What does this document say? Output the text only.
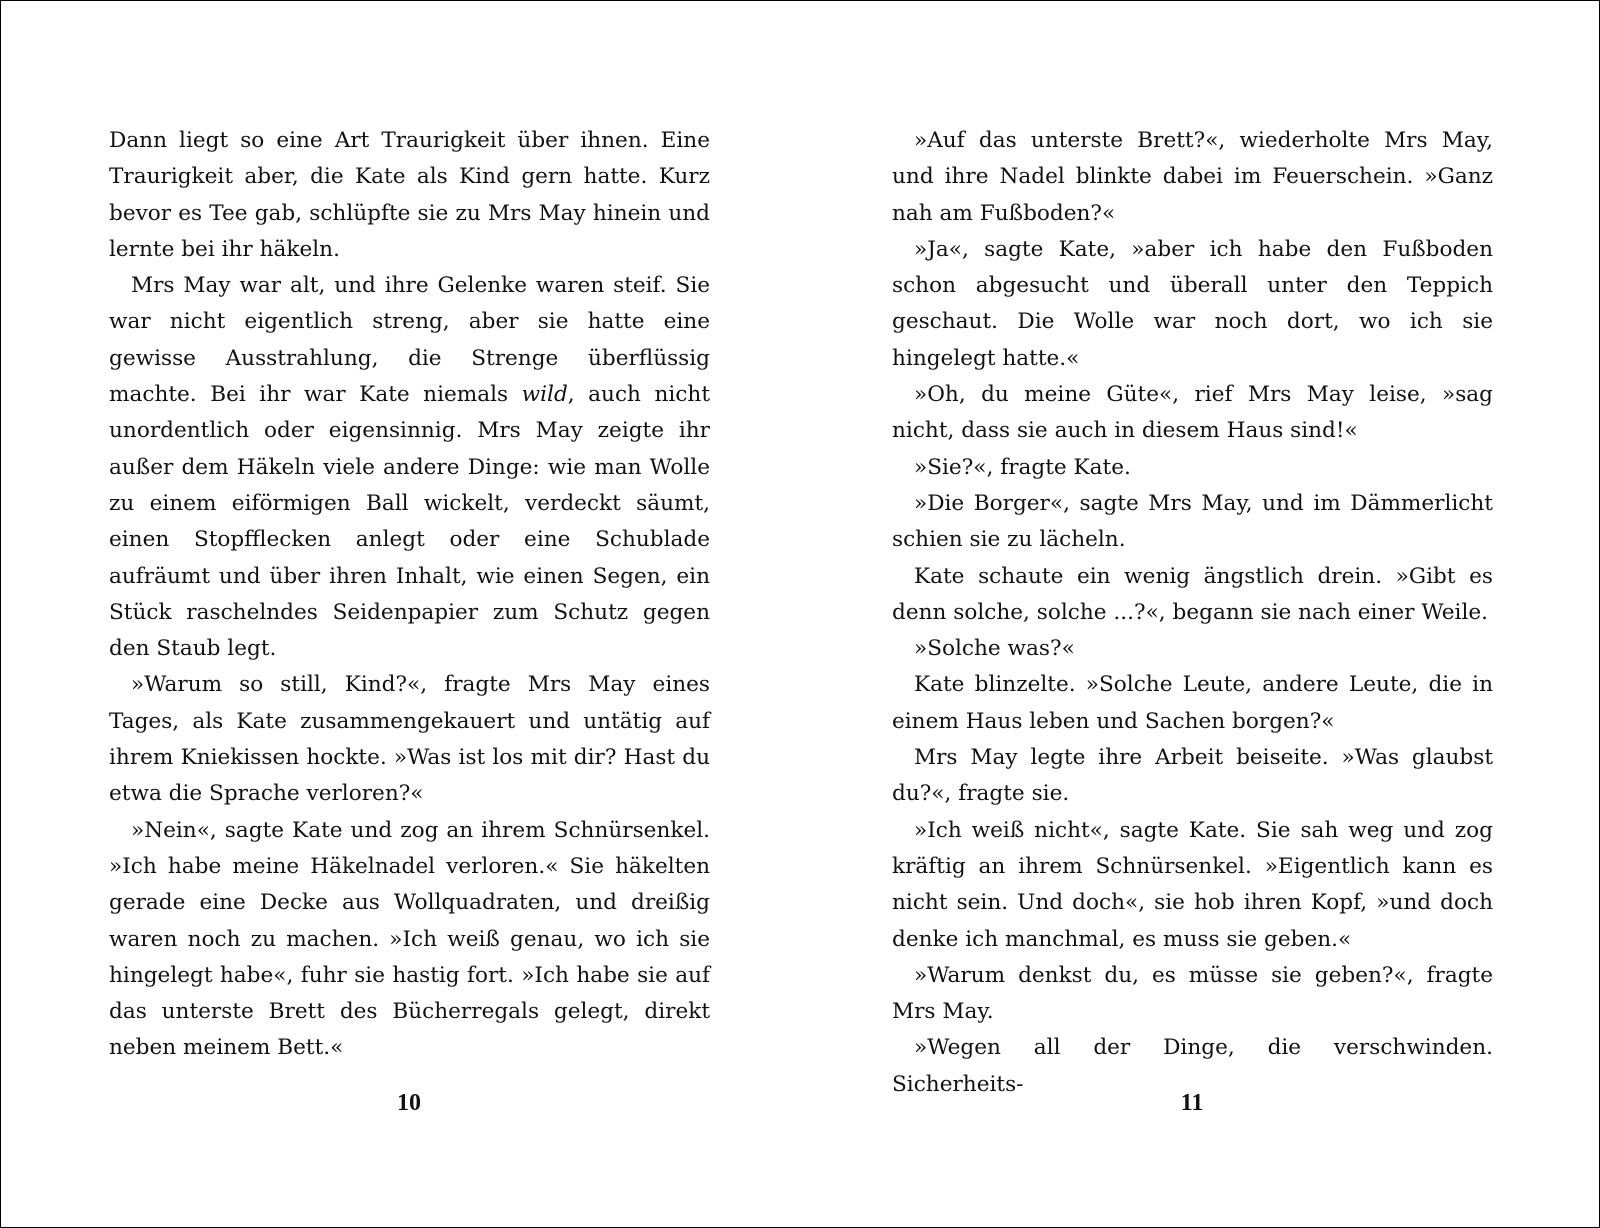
Dann liegt so eine Art Traurigkeit über ihnen. Eine Traurigkeit aber, die Kate als Kind gern hatte. Kurz bevor es Tee gab, schlüpfte sie zu Mrs May hinein und lernte bei ihr häkeln.

Mrs May war alt, und ihre Gelenke waren steif. Sie war nicht eigentlich streng, aber sie hatte eine gewisse Ausstrahlung, die Strenge überflüssig machte. Bei ihr war Kate niemals wild, auch nicht unordentlich oder eigensinnig. Mrs May zeigte ihr außer dem Häkeln viele andere Dinge: wie man Wolle zu einem eiförmigen Ball wickelt, verdeckt säumt, einen Stopfflecken anlegt oder eine Schublade aufräumt und über ihren Inhalt, wie einen Segen, ein Stück raschelndes Seidenpapier zum Schutz gegen den Staub legt.

»Warum so still, Kind?«, fragte Mrs May eines Tages, als Kate zusammengekauert und untätig auf ihrem Kniekissen hockte. »Was ist los mit dir? Hast du etwa die Sprache verloren?«

»Nein«, sagte Kate und zog an ihrem Schnürsenkel. »Ich habe meine Häkelnadel verloren.« Sie häkelten gerade eine Decke aus Wollquadraten, und dreißig waren noch zu machen. »Ich weiß genau, wo ich sie hingelegt habe«, fuhr sie hastig fort. »Ich habe sie auf das unterste Brett des Bücherregals gelegt, direkt neben meinem Bett.«

10

»Auf das unterste Brett?«, wiederholte Mrs May, und ihre Nadel blinkte dabei im Feuerschein. »Ganz nah am Fußboden?«

»Ja«, sagte Kate, »aber ich habe den Fußboden schon abgesucht und überall unter den Teppich geschaut. Die Wolle war noch dort, wo ich sie hingelegt hatte.«

»Oh, du meine Güte«, rief Mrs May leise, »sag nicht, dass sie auch in diesem Haus sind!«

»Sie?«, fragte Kate.

»Die Borger«, sagte Mrs May, und im Dämmerlicht schien sie zu lächeln.

Kate schaute ein wenig ängstlich drein. »Gibt es denn solche, solche ...?«, begann sie nach einer Weile.

»Solche was?«

Kate blinzelte. »Solche Leute, andere Leute, die in einem Haus leben und Sachen borgen?«

Mrs May legte ihre Arbeit beiseite. »Was glaubst du?«, fragte sie.

»Ich weiß nicht«, sagte Kate. Sie sah weg und zog kräftig an ihrem Schnürsenkel. »Eigentlich kann es nicht sein. Und doch«, sie hob ihren Kopf, »und doch denke ich manchmal, es muss sie geben.«

»Warum denkst du, es müsse sie geben?«, fragte Mrs May.

»Wegen all der Dinge, die verschwinden. Sicherheits-

11
